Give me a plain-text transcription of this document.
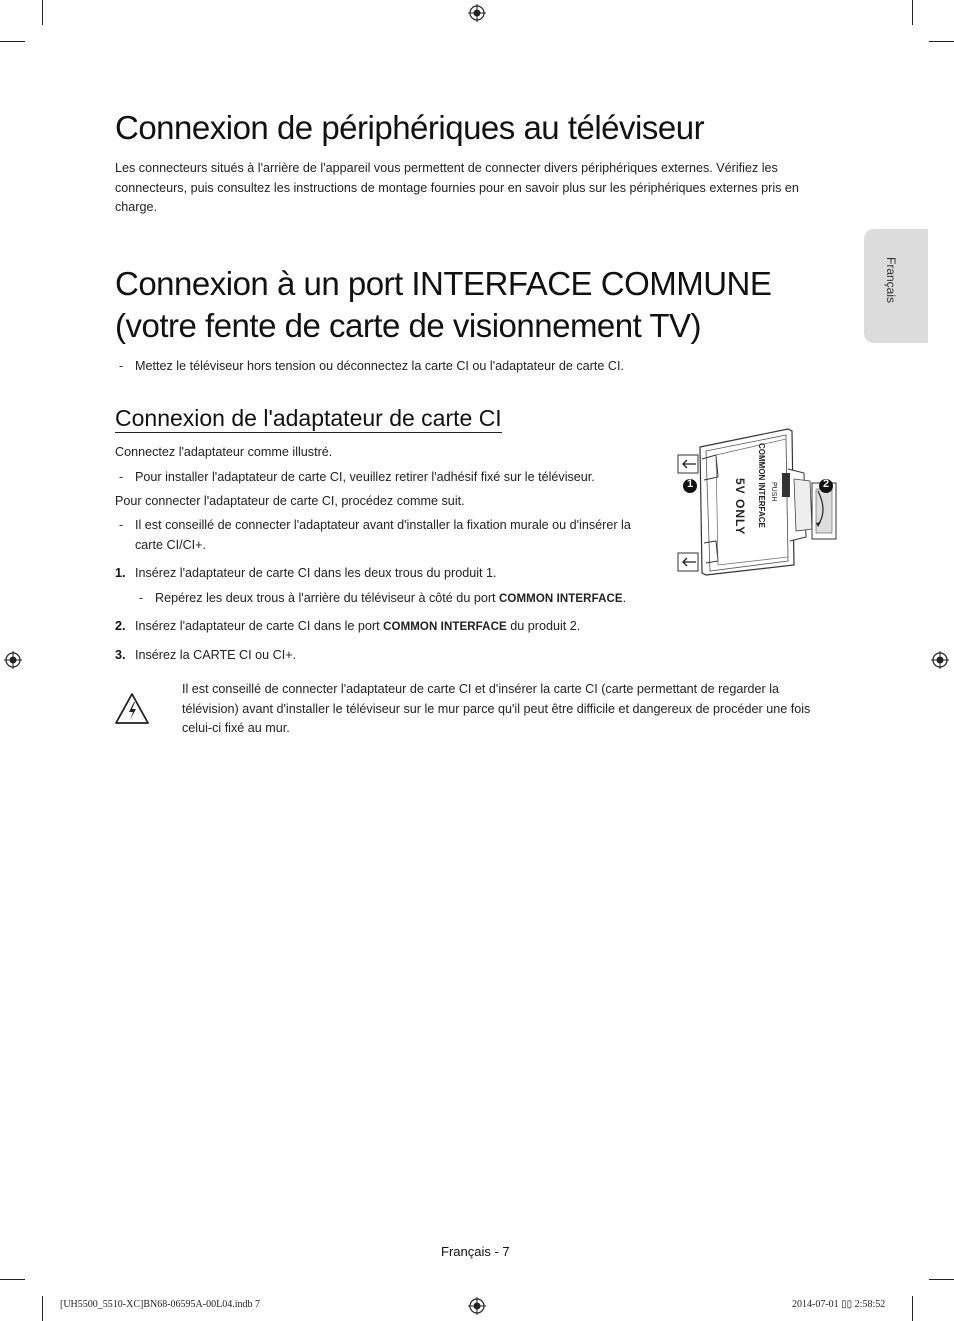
Français
Connexion de périphériques au téléviseur

Les connecteurs situés à l'arrière de l'appareil vous permettent de connecter divers périphériques externes. Vérifiez les connecteurs, puis consultez les instructions de montage fournies pour en savoir plus sur les périphériques externes pris en charge.

Connexion à un port INTERFACE COMMUNE
(votre fente de carte de visionnement TV)
- Mettez le téléviseur hors tension ou déconnectez la carte CI ou l'adaptateur de carte CI.

Connexion de l'adaptateur de carte CI

Connectez l'adaptateur comme illustré.

- Pour installer l'adaptateur de carte CI, veuillez retirer l'adhésif fixé sur le téléviseur.

Pour connecter l'adaptateur de carte CI, procédez comme suit.

- Il est conseillé de connecter l'adaptateur avant d'installer la fixation murale ou d'insérer la carte CI/CI+.

1. Insérez l'adaptateur de carte CI dans les deux trous du produit 1.

- Repérez les deux trous à l'arrière du téléviseur à côté du port COMMON INTERFACE.

2. Insérez l'adaptateur de carte CI dans le port COMMON INTERFACE du produit 2.

3. Insérez la CARTE CI ou CI+.

Il est conseillé de connecter l'adaptateur de carte CI et d'insérer la carte CI (carte permettant de regarder la télévision) avant d'installer le téléviseur sur le mur parce qu'il peut être difficile et dangereux de procéder une fois celui-ci fixé au mur.

1	2
PUSH
COMMON INTERFACE
5V ONLY
Français - 7
[UH5500_5510-XC]BN68-06595A-00L04.indb 7	2014-07-01 ▯▯ 2:58:52
